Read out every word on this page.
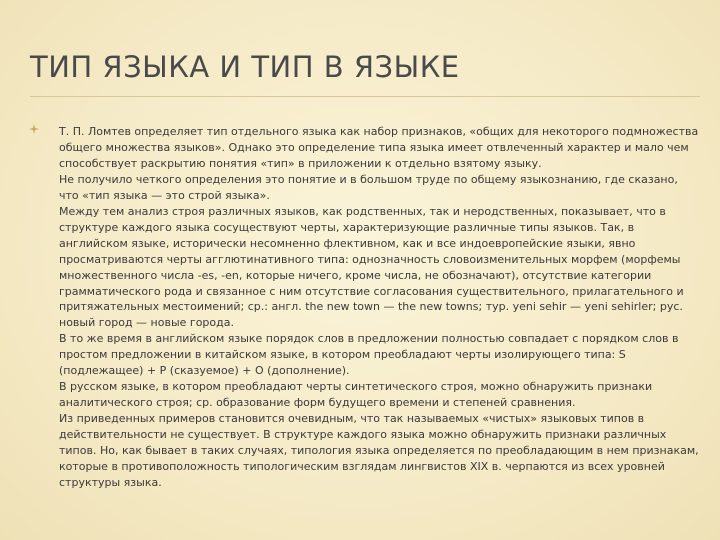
ТИП ЯЗЫКА И ТИП В ЯЗЫКЕ
Т. П. Ломтев определяет тип отдельного языка как набор признаков, «общих для некоторого подмножества общего множества языков». Однако это определение типа языка имеет отвлеченный характер и мало чем способствует раскрытию понятия «тип» в приложении к отдельно взятому языку.
Не получило четкого определения это понятие и в большом труде по общему языкознанию, где сказано, что «тип языка — это строй языка».
Между тем анализ строя различных языков, как родственных, так и неродственных, показывает, что в структуре каждого языка сосуществуют черты, характеризующие различные типы языков. Так, в английском языке, исторически несомненно флективном, как и все индоевропейские языки, явно просматриваются черты агглютинативного типа: однозначность словоизменительных морфем (морфемы множественного числа -es, -en, которые ничего, кроме числа, не обозначают), отсутствие категории грамматического рода и связанное с ним отсутствие согласования существительного, прилагательного и притяжательных местоимений; ср.: англ. the new town — the new towns; тур. yeni sehir — yeni sehirler; рус. новый город — новые города.
В то же время в английском языке порядок слов в предложении полностью совпадает с порядком слов в простом предложении в китайском языке, в котором преобладают черты изолирующего типа: S (подлежащее) + P (сказуемое) + O (дополнение).
В русском языке, в котором преобладают черты синтетического строя, можно обнаружить признаки аналитического строя; ср. образование форм будущего времени и степеней сравнения.
Из приведенных примеров становится очевидным, что так называемых «чистых» языковых типов в действительности не существует. В структуре каждого языка можно обнаружить признаки различных типов. Но, как бывает в таких случаях, типология языка определяется по преобладающим в нем признакам, которые в противоположность типологическим взглядам лингвистов XIX в. черпаются из всех уровней структуры языка.
